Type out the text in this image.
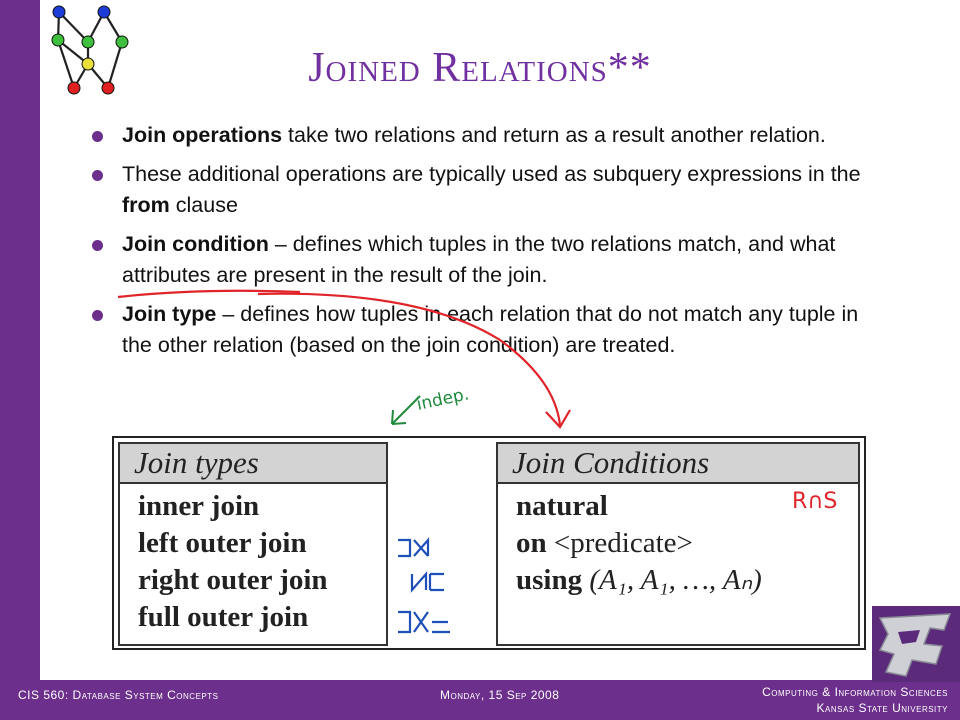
Joined Relations**
Join operations take two relations and return as a result another relation.
These additional operations are typically used as subquery expressions in the from clause
Join condition – defines which tuples in the two relations match, and what attributes are present in the result of the join.
Join type – defines how tuples in each relation that do not match any tuple in the other relation (based on the join condition) are treated.
Join types
inner join
left outer join
right outer join
full outer join
Join Conditions
natural
on <predicate>
using (A₁, A₁, …, Aₙ)
indep.
R∩S
CIS 560: Database System Concepts	Monday, 15 Sep 2008	Computing & Information Sciences
Kansas State University
